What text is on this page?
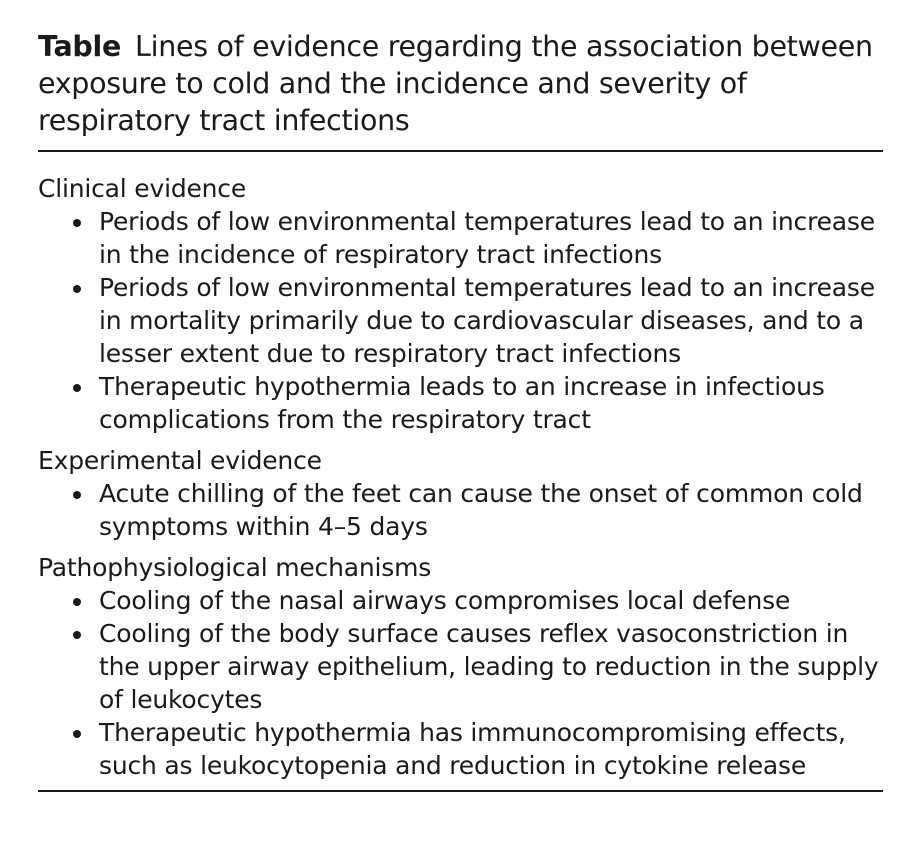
Table Lines of evidence regarding the association between exposure to cold and the incidence and severity of respiratory tract infections

Clinical evidence

Periods of low environmental temperatures lead to an increase in the incidence of respiratory tract infections
Periods of low environmental temperatures lead to an increase in mortality primarily due to cardiovascular diseases, and to a lesser extent due to respiratory tract infections
Therapeutic hypothermia leads to an increase in infectious complications from the respiratory tract

Experimental evidence

Acute chilling of the feet can cause the onset of common cold symptoms within 4–5 days

Pathophysiological mechanisms

Cooling of the nasal airways compromises local defense
Cooling of the body surface causes reflex vasoconstriction in the upper airway epithelium, leading to reduction in the supply of leukocytes
Therapeutic hypothermia has immunocompromising effects, such as leukocytopenia and reduction in cytokine release
